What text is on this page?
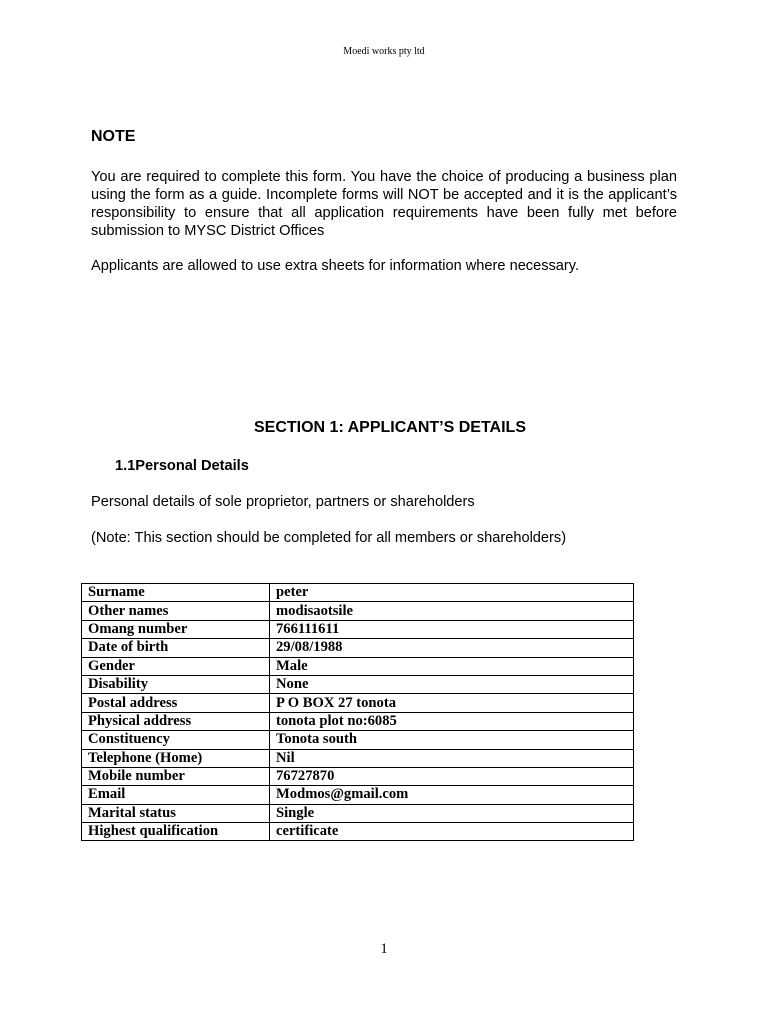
Moedi works pty ltd
NOTE

You are required to complete this form. You have the choice of producing a business plan using the form as a guide. Incomplete forms will NOT be accepted and it is the applicant’s responsibility to ensure that all application requirements have been fully met before submission to MYSC District Offices

Applicants are allowed to use extra sheets for information where necessary.

SECTION 1: APPLICANT’S DETAILS
1.1Personal Details

Personal details of sole proprietor, partners or shareholders

(Note: This section should be completed for all members or shareholders)

Surname	peter
Other names	modisaotsile
Omang number	766111611
Date of birth	29/08/1988
Gender	Male
Disability	None
Postal address	P O BOX 27 tonota
Physical address	tonota plot no:6085
Constituency	Tonota south
Telephone (Home)	Nil
Mobile number	76727870
Email	Modmos@gmail.com
Marital status	Single
Highest qualification	certificate
1
